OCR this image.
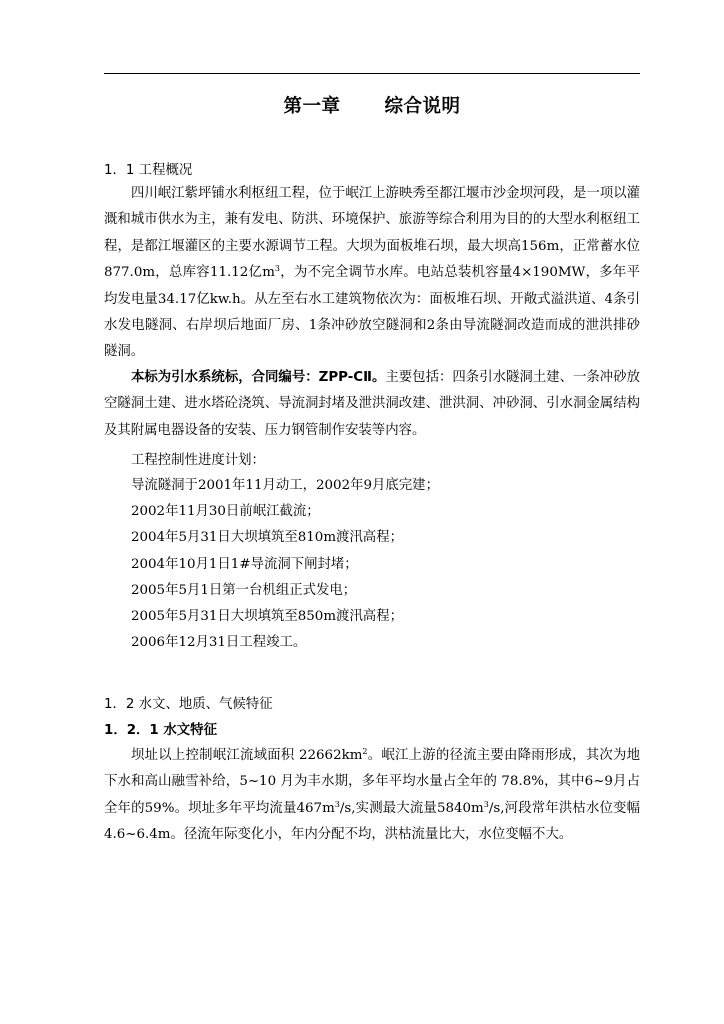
第一章 综合说明

1．1 工程概况

四川岷江紫坪铺水利枢纽工程，位于岷江上游映秀至都江堰市沙金坝河段，是一项以灌溉和城市供水为主，兼有发电、防洪、环境保护、旅游等综合利用为目的的大型水利枢纽工程，是都江堰灌区的主要水源调节工程。大坝为面板堆石坝，最大坝高156m，正常蓄水位877.0m，总库容11.12亿$m^3$，为不完全调节水库。电站总装机容量4×190MW，多年平均发电量34.17亿kw.h。从左至右水工建筑物依次为：面板堆石坝、开敞式溢洪道、4条引水发电隧洞、右岸坝后地面厂房、1条冲砂放空隧洞和2条由导流隧洞改造而成的泄洪排砂隧洞。

本标为引水系统标，合同编号：ZPP-CⅡ。主要包括：四条引水隧洞土建、一条冲砂放空隧洞土建、进水塔砼浇筑、导流洞封堵及泄洪洞改建、泄洪洞、冲砂洞、引水洞金属结构及其附属电器设备的安装、压力钢管制作安装等内容。

工程控制性进度计划：

导流隧洞于2001年11月动工，2002年9月底完建；

2002年11月30日前岷江截流；

2004年5月31日大坝填筑至810m渡汛高程；

2004年10月1日1#导流洞下闸封堵；

2005年5月1日第一台机组正式发电；

2005年5月31日大坝填筑至850m渡汛高程；

2006年12月31日工程竣工。

1．2 水文、地质、气候特征

1．2．1 水文特征

坝址以上控制岷江流域面积 $22662km^2$。岷江上游的径流主要由降雨形成，其次为地下水和高山融雪补给，5~10 月为丰水期，多年平均水量占全年的 78.8%，其中6~9月占全年的59%。坝址多年平均流量$467m^3/s$,实测最大流量$5840m^3/s$,河段常年洪枯水位变幅4.6~6.4m。径流年际变化小，年内分配不均，洪枯流量比大，水位变幅不大。
